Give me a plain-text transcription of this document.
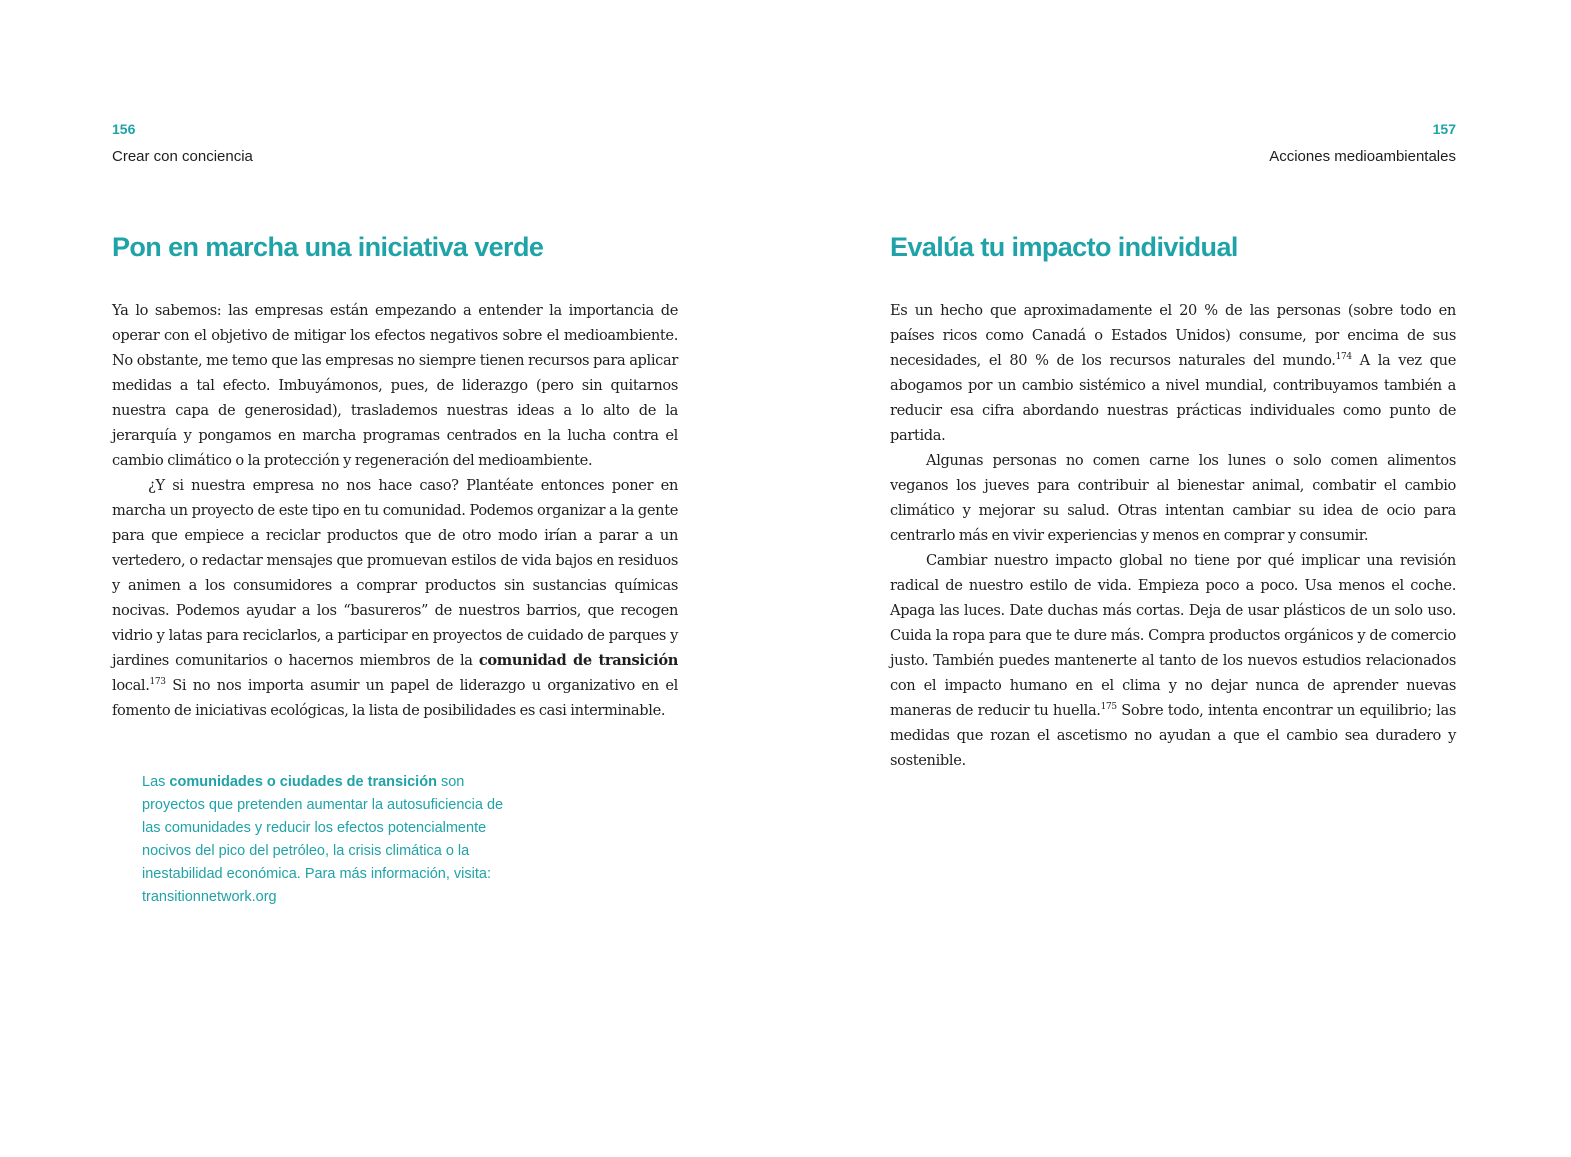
156
Crear con conciencia
Pon en marcha una iniciativa verde

Ya lo sabemos: las empresas están empezando a entender la importancia de operar con el objetivo de mitigar los efectos negativos sobre el medioambiente. No obstante, me temo que las empresas no siempre tienen recursos para aplicar medidas a tal efecto. Imbuyámonos, pues, de liderazgo (pero sin quitarnos nuestra capa de generosidad), traslademos nuestras ideas a lo alto de la jerarquía y pongamos en marcha programas centrados en la lucha contra el cambio climático o la protección y regeneración del medioambiente.

¿Y si nuestra empresa no nos hace caso? Plantéate entonces poner en marcha un proyecto de este tipo en tu comunidad. Podemos organizar a la gente para que empiece a reciclar productos que de otro modo irían a parar a un vertedero, o redactar mensajes que promuevan estilos de vida bajos en residuos y animen a los consumidores a comprar productos sin sustancias químicas nocivas. Podemos ayudar a los “basureros” de nuestros barrios, que recogen vidrio y latas para reciclarlos, a participar en proyectos de cuidado de parques y jardines comunitarios o hacernos miembros de la comunidad de transición local.$^{173}$ Si no nos importa asumir un papel de liderazgo u organizativo en el fomento de iniciativas ecológicas, la lista de posibilidades es casi interminable.

Las comunidades o ciudades de transición son proyectos que pretenden aumentar la autosuficiencia de las comunidades y reducir los efectos potencialmente nocivos del pico del petróleo, la crisis climática o la inestabilidad económica. Para más información, visita: transitionnetwork.org
157
Acciones medioambientales
Evalúa tu impacto individual

Es un hecho que aproximadamente el 20 % de las personas (sobre todo en países ricos como Canadá o Estados Unidos) consume, por encima de sus necesidades, el 80 % de los recursos naturales del mundo.$^{174}$ A la vez que abogamos por un cambio sistémico a nivel mundial, contribuyamos también a reducir esa cifra abordando nuestras prácticas individuales como punto de partida.

Algunas personas no comen carne los lunes o solo comen alimentos veganos los jueves para contribuir al bienestar animal, combatir el cambio climático y mejorar su salud. Otras intentan cambiar su idea de ocio para centrarlo más en vivir experiencias y menos en comprar y consumir.

Cambiar nuestro impacto global no tiene por qué implicar una revisión radical de nuestro estilo de vida. Empieza poco a poco. Usa menos el coche. Apaga las luces. Date duchas más cortas. Deja de usar plásticos de un solo uso. Cuida la ropa para que te dure más. Compra productos orgánicos y de comercio justo. También puedes mantenerte al tanto de los nuevos estudios relacionados con el impacto humano en el clima y no dejar nunca de aprender nuevas maneras de reducir tu huella.$^{175}$ Sobre todo, intenta encontrar un equilibrio; las medidas que rozan el ascetismo no ayudan a que el cambio sea duradero y sostenible.
